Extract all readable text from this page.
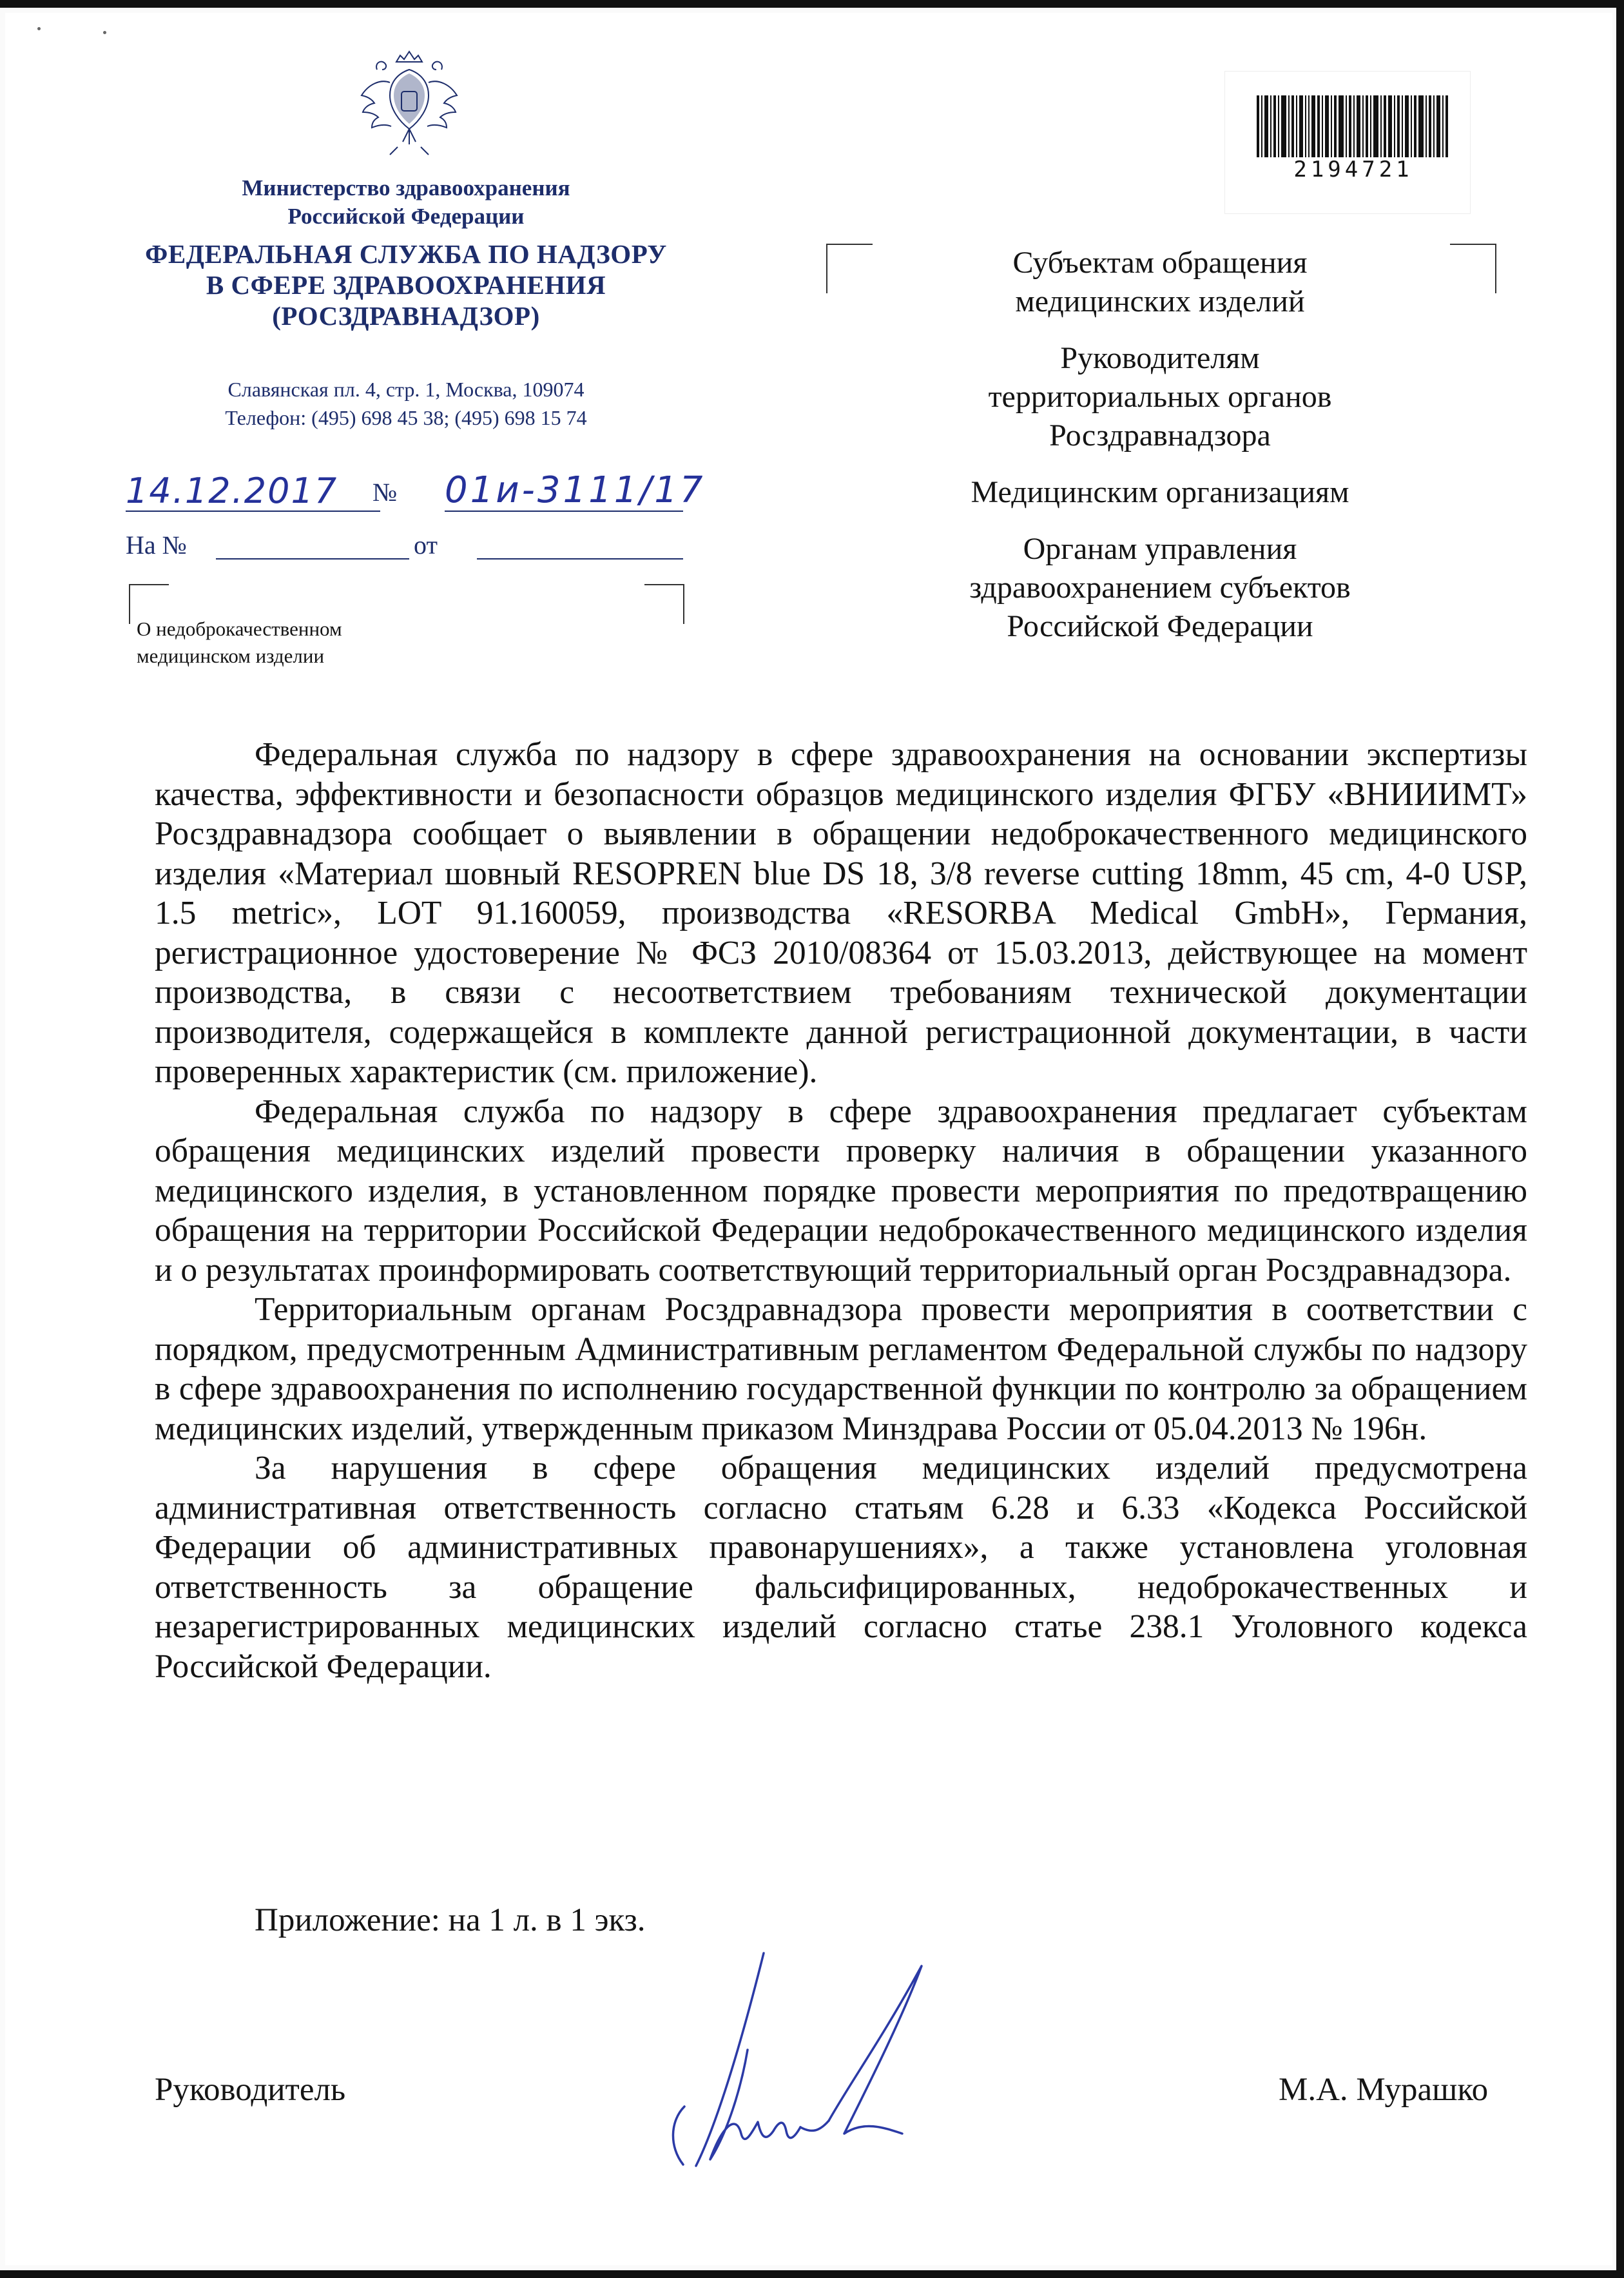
Министерство здравоохранения
Российской Федерации
ФЕДЕРАЛЬНАЯ СЛУЖБА ПО НАДЗОРУ
В СФЕРЕ ЗДРАВООХРАНЕНИЯ
(РОСЗДРАВНАДЗОР)
Славянская пл. 4, стр. 1, Москва, 109074
Телефон: (495) 698 45 38; (495) 698 15 74
14.12.2017 № 01и-3111/17
На №	от
О недоброкачественном
медицинском изделии
2194721

Субъектам обращения
медицинских изделий

Руководителям
территориальных органов
Росздравнадзора

Медицинским организациям

Органам управления
здравоохранением субъектов
Российской Федерации

Федеральная служба по надзору в сфере здравоохранения на основании экспертизы качества, эффективности и безопасности образцов медицинского изделия ФГБУ «ВНИИИМТ» Росздравнадзора сообщает о выявлении в обращении недоброкачественного медицинского изделия «Материал шовный RESOPREN blue DS 18, 3/8 reverse cutting 18mm, 45 cm, 4-0 USP, 1.5 metric», LOT 91.160059, производства «RESORBA Medical GmbH», Германия, регистрационное удостоверение № ФСЗ 2010/08364 от 15.03.2013, действующее на момент производства, в связи с несоответствием требованиям технической документации производителя, содержащейся в комплекте данной регистрационной документации, в части проверенных характеристик (см. приложение).

Федеральная служба по надзору в сфере здравоохранения предлагает субъектам обращения медицинских изделий провести проверку наличия в обращении указанного медицинского изделия, в установленном порядке провести мероприятия по предотвращению обращения на территории Российской Федерации недоброкачественного медицинского изделия и о результатах проинформировать соответствующий территориальный орган Росздравнадзора.

Территориальным органам Росздравнадзора провести мероприятия в соответствии с порядком, предусмотренным Административным регламентом Федеральной службы по надзору в сфере здравоохранения по исполнению государственной функции по контролю за обращением медицинских изделий, утвержденным приказом Минздрава России от 05.04.2013 № 196н.

За нарушения в сфере обращения медицинских изделий предусмотрена административная ответственность согласно статьям 6.28 и 6.33 «Кодекса Российской Федерации об административных правонарушениях», а также установлена уголовная ответственность за обращение фальсифицированных, недоброкачественных и незарегистрированных медицинских изделий согласно статье 238.1 Уголовного кодекса Российской Федерации.

Приложение: на 1 л. в 1 экз.
Руководитель	М.А. Мурашко
